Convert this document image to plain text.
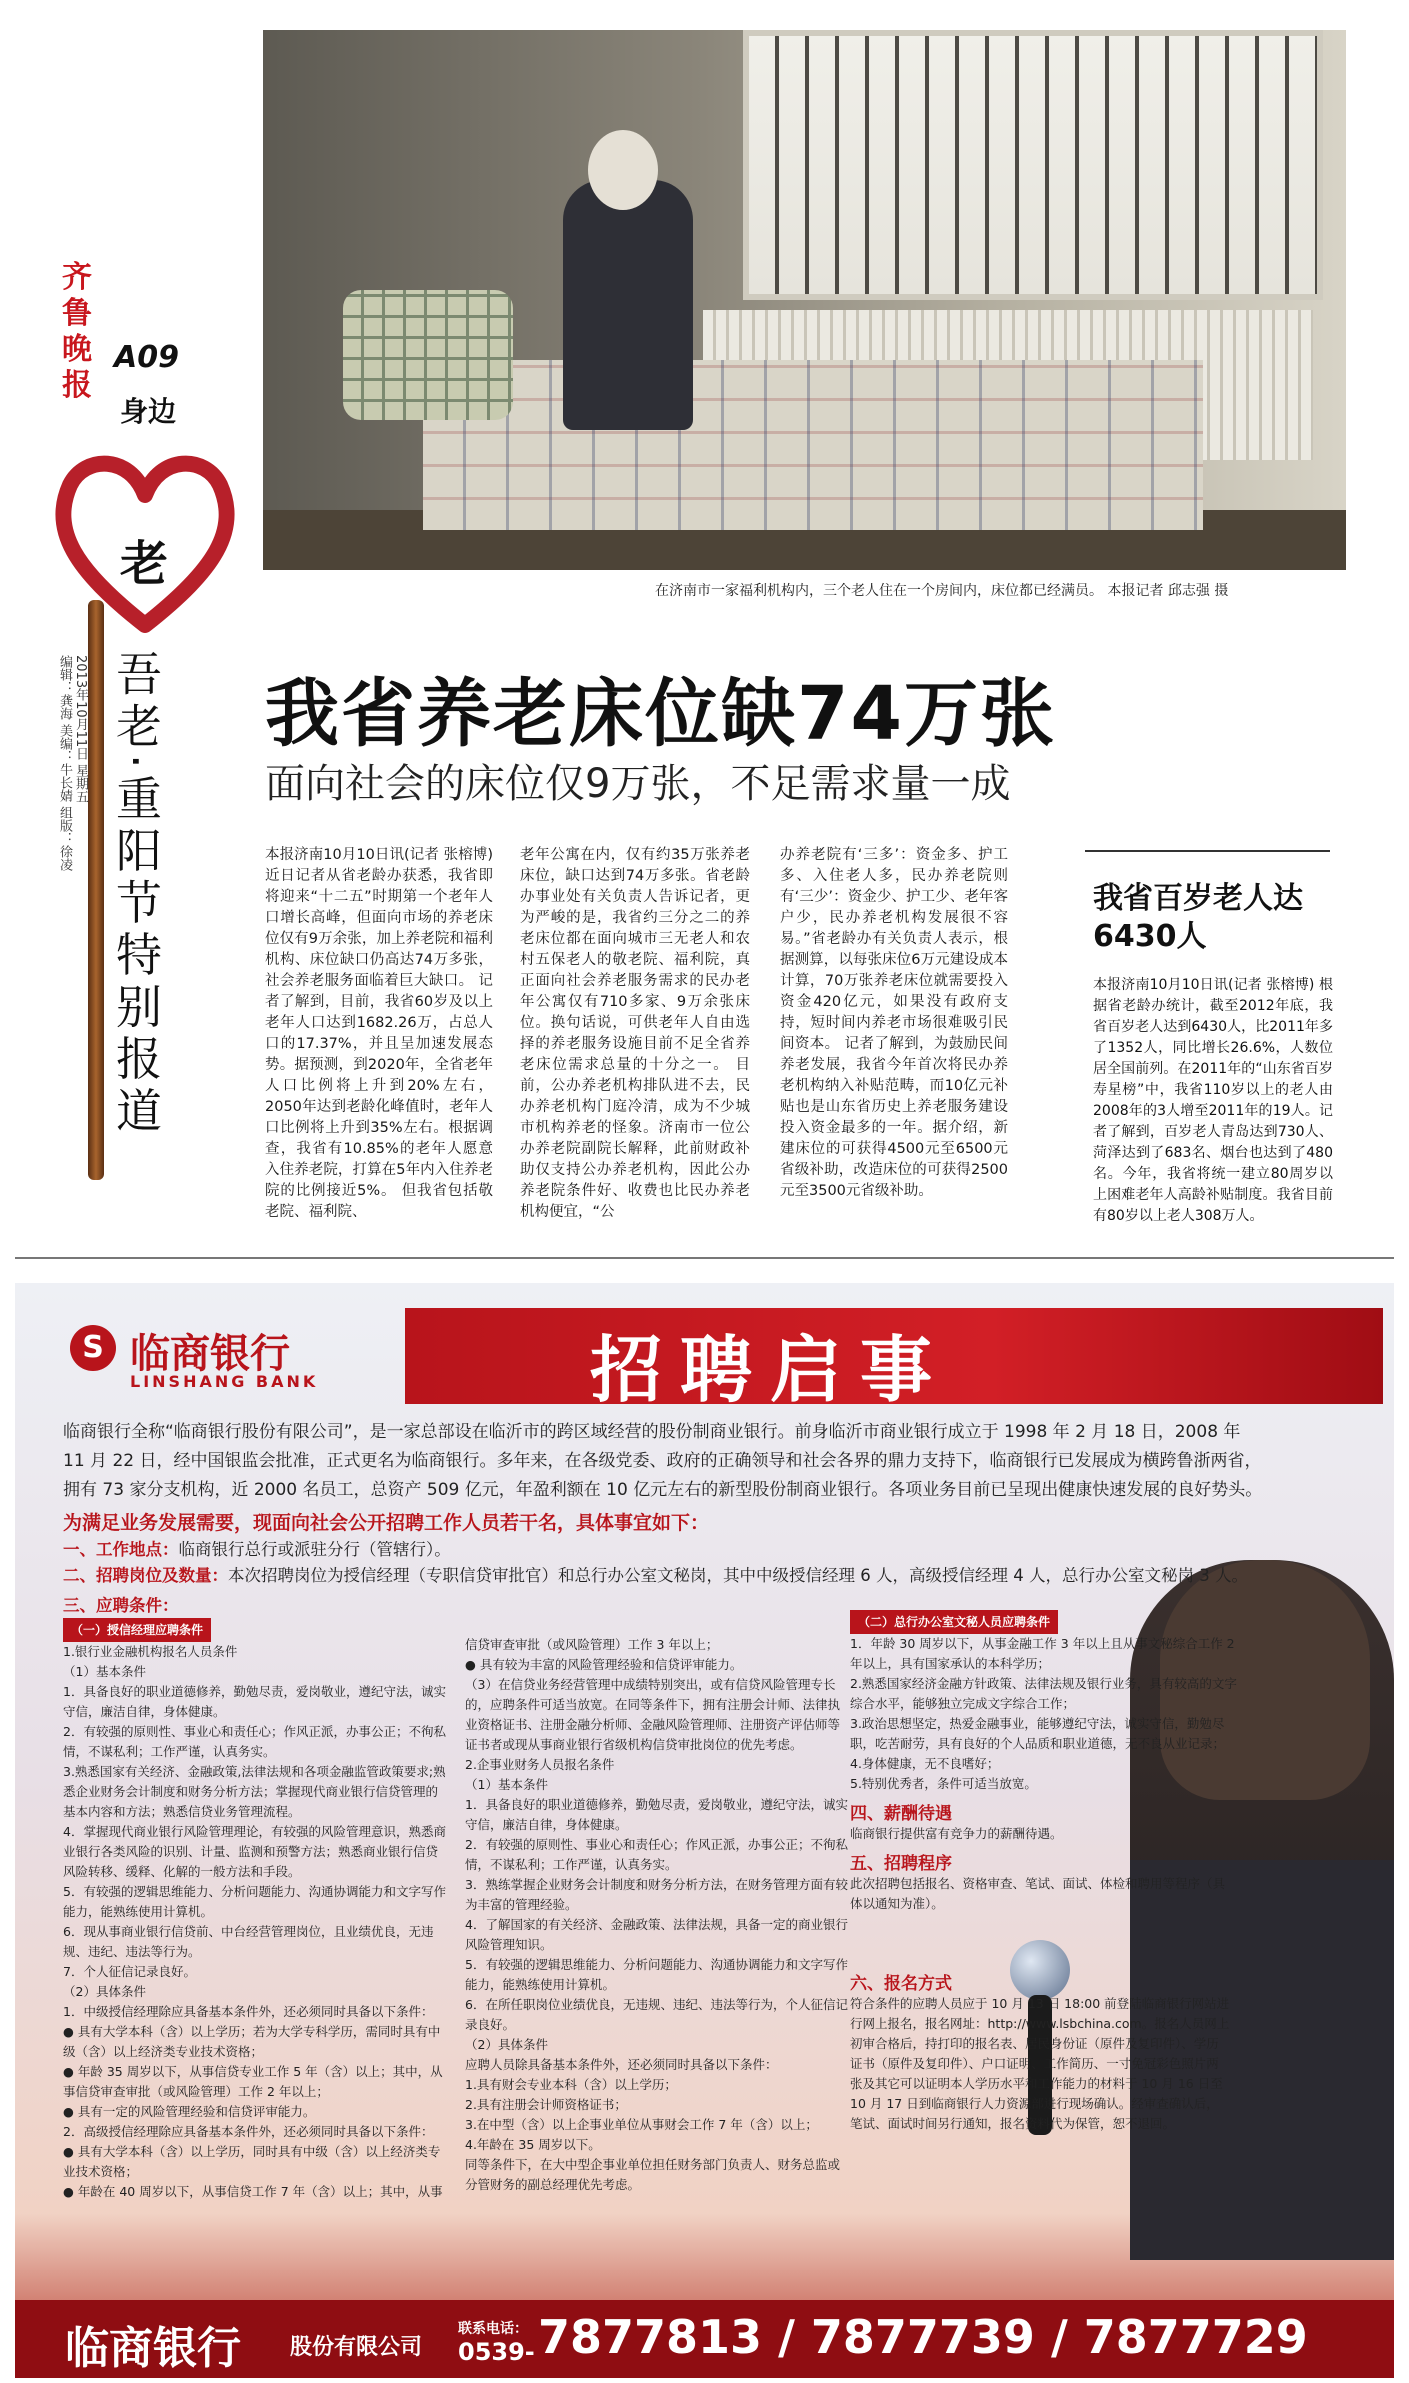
在济南市一家福利机构内，三个老人住在一个房间内，床位都已经满员。 本报记者 邱志强 摄
齐鲁晚报
A09
身边
老
吾老·重阳节特别报道
2013年10月11日 星期五
编辑：龚海 美编：牛长婧 组版：徐凌	我省养老床位缺74万张
面向社会的床位仅9万张，不足需求量一成
本报济南10月10日讯(记者 张榕博) 近日记者从省老龄办获悉，我省即将迎来“十二五”时期第一个老年人口增长高峰，但面向市场的养老床位仅有9万余张，加上养老院和福利机构、床位缺口仍高达74万多张，社会养老服务面临着巨大缺口。 记者了解到，目前，我省60岁及以上老年人口达到1682.26万，占总人口的17.37%，并且呈加速发展态势。据预测，到2020年，全省老年人口比例将上升到20%左右，2050年达到老龄化峰值时，老年人口比例将上升到35%左右。根据调查，我省有10.85%的老年人愿意入住养老院，打算在5年内入住养老院的比例接近5%。 但我省包括敬老院、福利院、
老年公寓在内，仅有约35万张养老床位，缺口达到74万多张。省老龄办事业处有关负责人告诉记者，更为严峻的是，我省约三分之二的养老床位都在面向城市三无老人和农村五保老人的敬老院、福利院，真正面向社会养老服务需求的民办老年公寓仅有710多家、9万余张床位。换句话说，可供老年人自由选择的养老服务设施目前不足全省养老床位需求总量的十分之一。 目前，公办养老机构排队进不去，民办养老机构门庭冷清，成为不少城市机构养老的怪象。济南市一位公办养老院副院长解释，此前财政补助仅支持公办养老机构，因此公办养老院条件好、收费也比民办养老机构便宜，“公
办养老院有‘三多’：资金多、护工多、入住老人多，民办养老院则有‘三少’：资金少、护工少、老年客户少，民办养老机构发展很不容易。”省老龄办有关负责人表示，根据测算，以每张床位6万元建设成本计算，70万张养老床位就需要投入资金420亿元，如果没有政府支持，短时间内养老市场很难吸引民间资本。 记者了解到，为鼓励民间养老发展，我省今年首次将民办养老机构纳入补贴范畴，而10亿元补贴也是山东省历史上养老服务建设投入资金最多的一年。据介绍，新建床位的可获得4500元至6500元省级补助，改造床位的可获得2500元至3500元省级补助。
我省百岁老人达6430人
本报济南10月10日讯(记者 张榕博) 根据省老龄办统计，截至2012年底，我省百岁老人达到6430人，比2011年多了1352人，同比增长26.6%，人数位居全国前列。在2011年的“山东省百岁寿星榜”中，我省110岁以上的老人由2008年的3人增至2011年的19人。记者了解到，百岁老人青岛达到730人、菏泽达到了683名、烟台也达到了480名。今年，我省将统一建立80周岁以上困难老年人高龄补贴制度。我省目前有80岁以上老人308万人。
S 临商银行
LINSHANG BANK	招聘启事
临商银行全称“临商银行股份有限公司”，是一家总部设在临沂市的跨区域经营的股份制商业银行。前身临沂市商业银行成立于 1998 年 2 月 18 日，2008 年 11 月 22 日，经中国银监会批准，正式更名为临商银行。多年来，在各级党委、政府的正确领导和社会各界的鼎力支持下，临商银行已发展成为横跨鲁浙两省，拥有 73 家分支机构，近 2000 名员工，总资产 509 亿元，年盈利额在 10 亿元左右的新型股份制商业银行。各项业务目前已呈现出健康快速发展的良好势头。
为满足业务发展需要，现面向社会公开招聘工作人员若干名，具体事宜如下：
一、工作地点：临商银行总行或派驻分行（管辖行）。
二、招聘岗位及数量：本次招聘岗位为授信经理（专职信贷审批官）和总行办公室文秘岗，其中中级授信经理 6 人，高级授信经理 4 人，总行办公室文秘岗 3 人。
三、应聘条件：
（一）授信经理应聘条件
1.银行业金融机构报名人员条件
（1）基本条件
1．具备良好的职业道德修养，勤勉尽责，爱岗敬业，遵纪守法，诚实守信，廉洁自律，身体健康。
2．有较强的原则性、事业心和责任心；作风正派，办事公正；不徇私情，不谋私利；工作严谨，认真务实。
3.熟悉国家有关经济、金融政策,法律法规和各项金融监管政策要求;熟悉企业财务会计制度和财务分析方法；掌握现代商业银行信贷管理的基本内容和方法；熟悉信贷业务管理流程。
4．掌握现代商业银行风险管理理论，有较强的风险管理意识，熟悉商业银行各类风险的识别、计量、监测和预警方法；熟悉商业银行信贷风险转移、缓释、化解的一般方法和手段。
5．有较强的逻辑思维能力、分析问题能力、沟通协调能力和文字写作能力，能熟练使用计算机。
6．现从事商业银行信贷前、中台经营管理岗位，且业绩优良，无违规、违纪、违法等行为。
7．个人征信记录良好。
（2）具体条件
1．中级授信经理除应具备基本条件外，还必须同时具备以下条件：
● 具有大学本科（含）以上学历；若为大学专科学历，需同时具有中级（含）以上经济类专业技术资格；
● 年龄 35 周岁以下，从事信贷专业工作 5 年（含）以上；其中，从事信贷审查审批（或风险管理）工作 2 年以上；
● 具有一定的风险管理经验和信贷评审能力。
2．高级授信经理除应具备基本条件外，还必须同时具备以下条件：
● 具有大学本科（含）以上学历，同时具有中级（含）以上经济类专业技术资格；
● 年龄在 40 周岁以下，从事信贷工作 7 年（含）以上；其中，从事
信贷审查审批（或风险管理）工作 3 年以上；
● 具有较为丰富的风险管理经验和信贷评审能力。
（3）在信贷业务经营管理中成绩特别突出，或有信贷风险管理专长的，应聘条件可适当放宽。在同等条件下，拥有注册会计师、法律执业资格证书、注册金融分析师、金融风险管理师、注册资产评估师等证书者或现从事商业银行省级机构信贷审批岗位的优先考虑。
2.企事业财务人员报名条件
（1）基本条件
1．具备良好的职业道德修养，勤勉尽责，爱岗敬业，遵纪守法，诚实守信，廉洁自律，身体健康。
2．有较强的原则性、事业心和责任心；作风正派，办事公正；不徇私情，不谋私利；工作严谨，认真务实。
3．熟练掌握企业财务会计制度和财务分析方法，在财务管理方面有较为丰富的管理经验。
4．了解国家的有关经济、金融政策、法律法规，具备一定的商业银行风险管理知识。
5．有较强的逻辑思维能力、分析问题能力、沟通协调能力和文字写作能力，能熟练使用计算机。
6．在所任职岗位业绩优良，无违规、违纪、违法等行为，个人征信记录良好。
（2）具体条件
应聘人员除具备基本条件外，还必须同时具备以下条件：
1.具有财会专业本科（含）以上学历；
2.具有注册会计师资格证书；
3.在中型（含）以上企事业单位从事财会工作 7 年（含）以上；
4.年龄在 35 周岁以下。
同等条件下，在大中型企事业单位担任财务部门负责人、财务总监或分管财务的副总经理优先考虑。
（二）总行办公室文秘人员应聘条件
1．年龄 30 周岁以下，从事金融工作 3 年以上且从事文秘综合工作 2 年以上，具有国家承认的本科学历；
2.熟悉国家经济金融方针政策、法律法规及银行业务，具有较高的文字综合水平，能够独立完成文字综合工作；
3.政治思想坚定，热爱金融事业，能够遵纪守法，诚实守信，勤勉尽职，吃苦耐劳，具有良好的个人品质和职业道德，无不良从业记录；
4.身体健康，无不良嗜好；
5.特别优秀者，条件可适当放宽。
四、薪酬待遇
临商银行提供富有竞争力的薪酬待遇。
五、招聘程序
此次招聘包括报名、资格审查、笔试、面试、体检和聘用等程序（具体以通知为准）。
六、报名方式
符合条件的应聘人员应于 10 月 13 日 18:00 前登陆临商银行网站进行网上报名，报名网址：http://www.lsbchina.com。报名人员网上初审合格后，持打印的报名表、居民身份证（原件及复印件）、学历证书（原件及复印件）、户口证明、工作简历、一寸免冠彩色照片两张及其它可以证明本人学历水平和工作能力的材料于 10 月 16 日至 10 月 17 日到临商银行人力资源部进行现场确认。经审查确认后，笔试、面试时间另行通知，报名资料代为保管，恕不退回。
临商银行 股份有限公司
联系电话：
0539- 7877813 / 7877739 / 7877729
